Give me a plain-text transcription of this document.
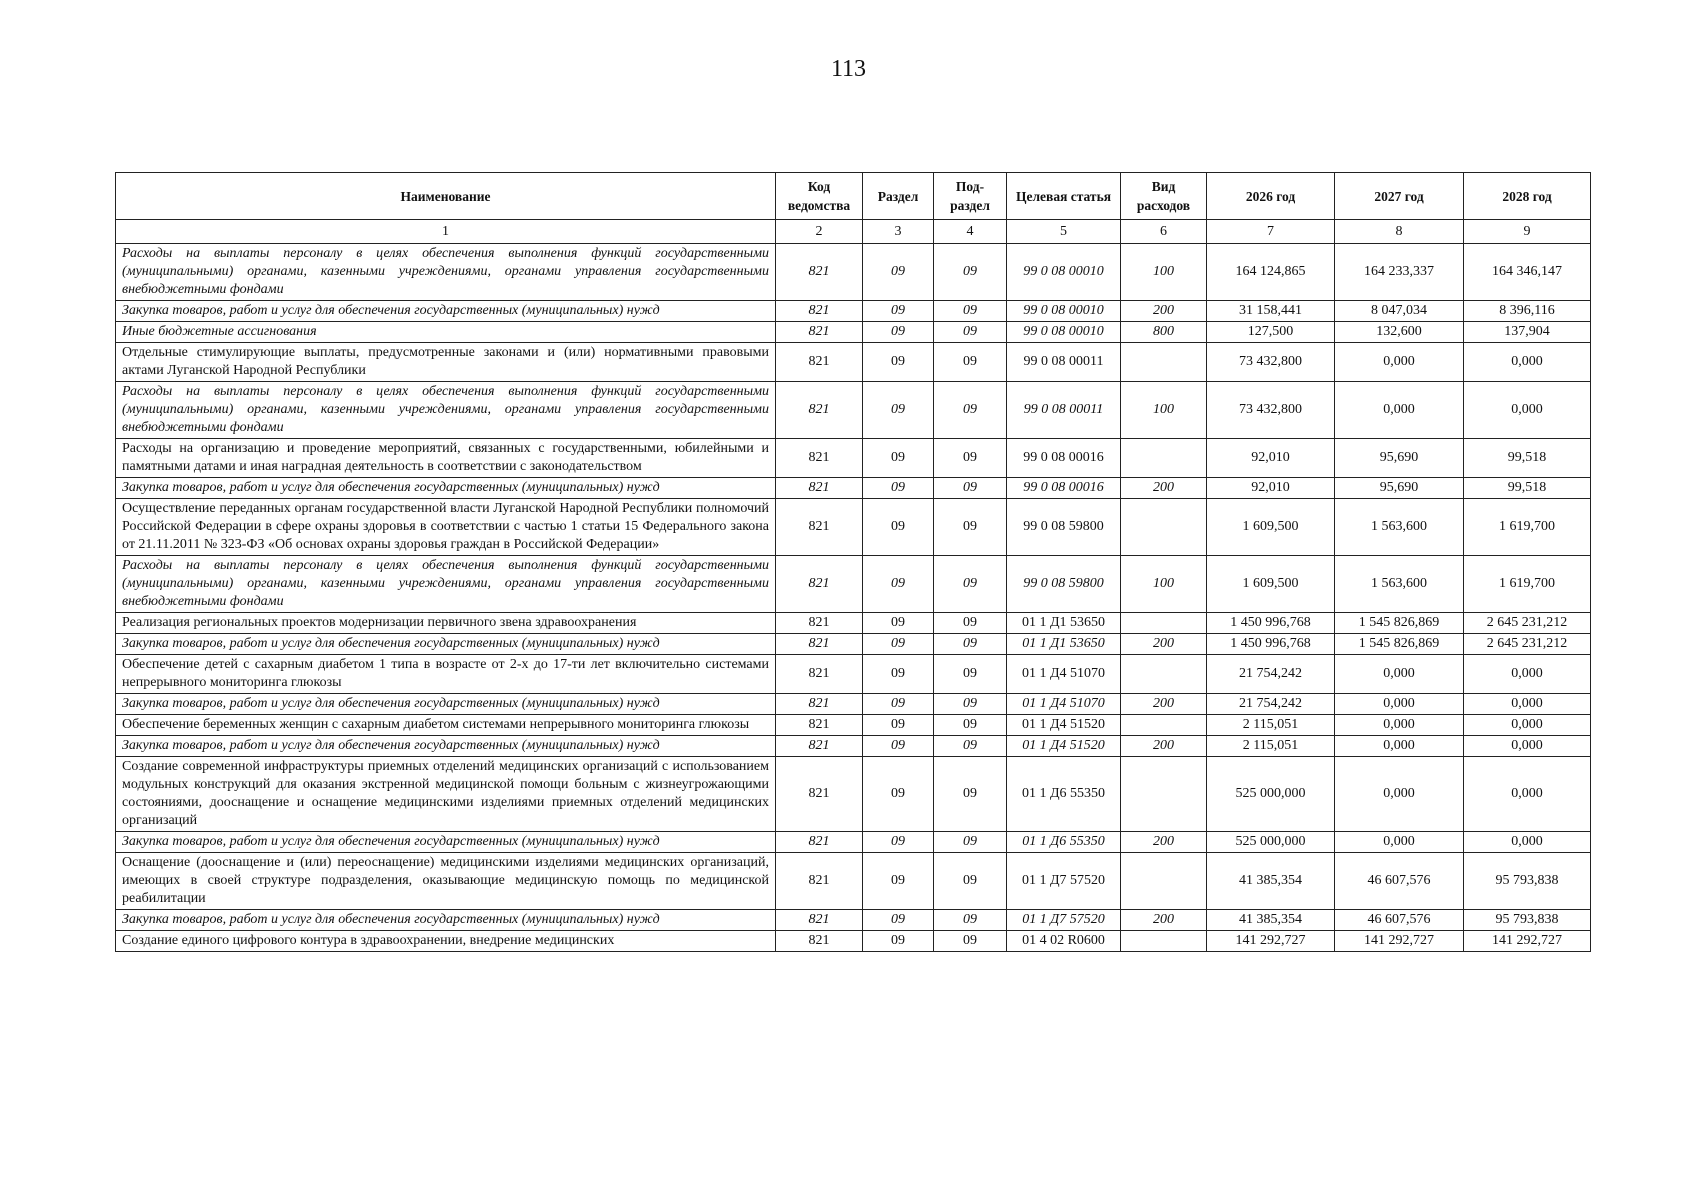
113
Наименование	Код ведомства	Раздел	Под-раздел	Целевая статья	Вид расходов	2026 год	2027 год	2028 год
1	2	3	4	5	6	7	8	9
Расходы на выплаты персоналу в целях обеспечения выполнения функций государственными (муниципальными) органами, казенными учреждениями, органами управления государственными внебюджетными фондами	821	09	09	99 0 08 00010	100	164 124,865	164 233,337	164 346,147
Закупка товаров, работ и услуг для обеспечения государственных (муниципальных) нужд	821	09	09	99 0 08 00010	200	31 158,441	8 047,034	8 396,116
Иные бюджетные ассигнования	821	09	09	99 0 08 00010	800	127,500	132,600	137,904
Отдельные стимулирующие выплаты, предусмотренные законами и (или) нормативными правовыми актами Луганской Народной Республики	821	09	09	99 0 08 00011		73 432,800	0,000	0,000
Расходы на выплаты персоналу в целях обеспечения выполнения функций государственными (муниципальными) органами, казенными учреждениями, органами управления государственными внебюджетными фондами	821	09	09	99 0 08 00011	100	73 432,800	0,000	0,000
Расходы на организацию и проведение мероприятий, связанных с государственными, юбилейными и памятными датами и иная наградная деятельность в соответствии с законодательством	821	09	09	99 0 08 00016		92,010	95,690	99,518
Закупка товаров, работ и услуг для обеспечения государственных (муниципальных) нужд	821	09	09	99 0 08 00016	200	92,010	95,690	99,518
Осуществление переданных органам государственной власти Луганской Народной Республики полномочий Российской Федерации в сфере охраны здоровья в соответствии с частью 1 статьи 15 Федерального закона от 21.11.2011 № 323-ФЗ «Об основах охраны здоровья граждан в Российской Федерации»	821	09	09	99 0 08 59800		1 609,500	1 563,600	1 619,700
Расходы на выплаты персоналу в целях обеспечения выполнения функций государственными (муниципальными) органами, казенными учреждениями, органами управления государственными внебюджетными фондами	821	09	09	99 0 08 59800	100	1 609,500	1 563,600	1 619,700
Реализация региональных проектов модернизации первичного звена здравоохранения	821	09	09	01 1 Д1 53650		1 450 996,768	1 545 826,869	2 645 231,212
Закупка товаров, работ и услуг для обеспечения государственных (муниципальных) нужд	821	09	09	01 1 Д1 53650	200	1 450 996,768	1 545 826,869	2 645 231,212
Обеспечение детей с сахарным диабетом 1 типа в возрасте от 2-х до 17-ти лет включительно системами непрерывного мониторинга глюкозы	821	09	09	01 1 Д4 51070		21 754,242	0,000	0,000
Закупка товаров, работ и услуг для обеспечения государственных (муниципальных) нужд	821	09	09	01 1 Д4 51070	200	21 754,242	0,000	0,000
Обеспечение беременных женщин с сахарным диабетом системами непрерывного мониторинга глюкозы	821	09	09	01 1 Д4 51520		2 115,051	0,000	0,000
Закупка товаров, работ и услуг для обеспечения государственных (муниципальных) нужд	821	09	09	01 1 Д4 51520	200	2 115,051	0,000	0,000
Создание современной инфраструктуры приемных отделений медицинских организаций с использованием модульных конструкций для оказания экстренной медицинской помощи больным с жизнеугрожающими состояниями, дооснащение и оснащение медицинскими изделиями приемных отделений медицинских организаций	821	09	09	01 1 Д6 55350		525 000,000	0,000	0,000
Закупка товаров, работ и услуг для обеспечения государственных (муниципальных) нужд	821	09	09	01 1 Д6 55350	200	525 000,000	0,000	0,000
Оснащение (дооснащение и (или) переоснащение) медицинскими изделиями медицинских организаций, имеющих в своей структуре подразделения, оказывающие медицинскую помощь по медицинской реабилитации	821	09	09	01 1 Д7 57520		41 385,354	46 607,576	95 793,838
Закупка товаров, работ и услуг для обеспечения государственных (муниципальных) нужд	821	09	09	01 1 Д7 57520	200	41 385,354	46 607,576	95 793,838
Создание единого цифрового контура в здравоохранении, внедрение медицинских	821	09	09	01 4 02 R0600		141 292,727	141 292,727	141 292,727
